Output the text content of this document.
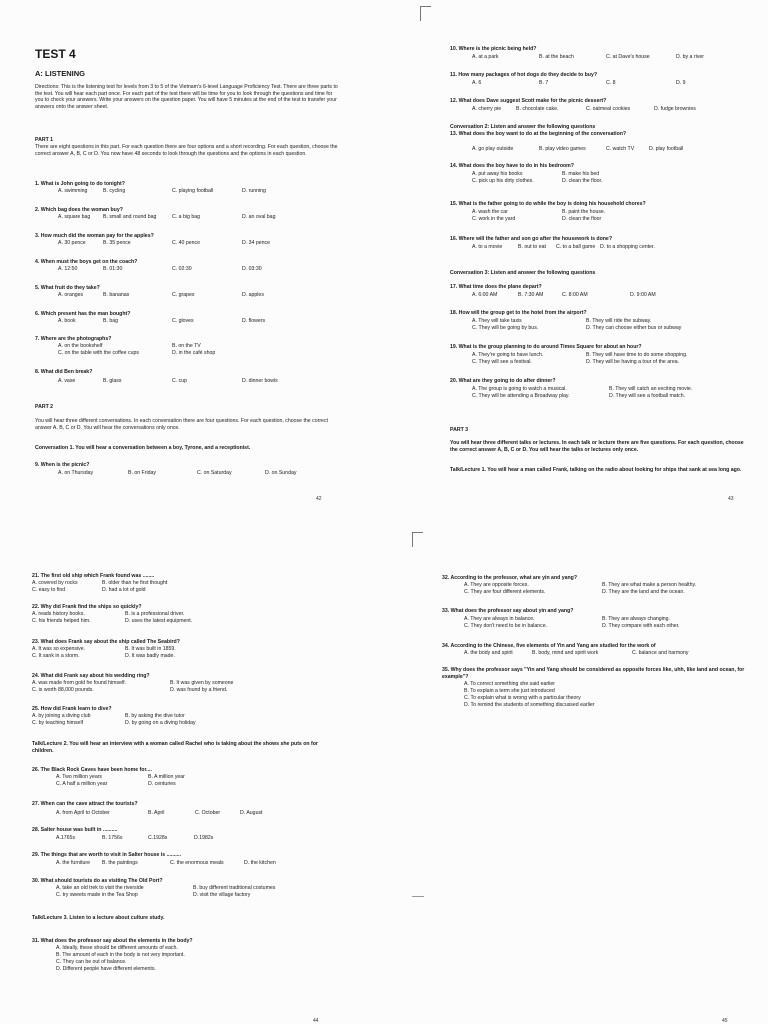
TEST 4
A: LISTENING
Directions: This is the listening test for levels from 3 to 5 of the Vietnam's 6-level Language Proficiency Test. There are three parts to the test. You will hear each part once. For each part of the test there will be time for you to look through the questions and time for you to check your answers. Write your answers on the question paper. You will have 5 minutes at the end of the test to transfer your answers onto the answer sheet.
PART 1
There are eight questions in this part. For each question there are four options and a short recording. For each question, choose the correct answer A, B, C or D. You now have 48 seconds to look through the questions and the options in each question.
1. What is John going to do tonight?
A. swimming	B. cycling	C. playing football	D. running
2. Which bag does the woman buy?
A. square bag B. small and round bag	C. a big bag	D. an oval bag
3. How much did the woman pay for the apples?
A. 30 pence	B. 35 pence	C. 40 pence	D. 34 pence
4. When must the boys get on the coach?
A. 12:50	B. 01:30	C. 02:30	D. 03:30
5. What fruit do they take?
A. oranges	B. bananas	C. grapes	D. apples
6. Which present has the man bought?
A. book	B. bag	C. gloves	D. flowers
7. Where are the photographs?
A. on the bookshelf	B. on the TV
C. on the table with the coffee cups	D. in the café shop
8. What did Ben break?
A. vase	B. glass	C. cup	D. dinner bowls
PART 2
You will hear three different conversations. In each conversation there are four questions. For each question, choose the correct answer A, B, C or D. You will hear the conversations only once.
Conversation 1. You will hear a conversation between a boy, Tyrone, and a receptionist.
9. When is the picnic?
A. on Thursday	B. on Friday	C. on Saturday	D. on Sunday
42
10. Where is the picnic being held?
A. at a park	B. at the beach	C. at Dave's house	D. by a river
11. How many packages of hot dogs do they decide to buy?
A. 6	B. 7	C. 8	D. 9
12. What does Dave suggest Scott make for the picnic dessert?
A. cherry pie	B. chocolate cake.	C. oatmeal cookies	D. fudge brownies
Conversation 2: Listen and answer the following questions
13. What does the boy want to do at the beginning of the conversation?
A. go play outside	B. play video games	C. watch TV	D. play football
14. What does the boy have to do in his bedroom?
A. put away his books	B. make his bed
C. pick up his dirty clothes.	D. clean the floor.
15. What is the father going to do while the boy is doing his household chores?
A. wash the car	B. paint the house.
C. work in the yard	D. clean the floor
16. Where will the father and son go after the housework is done?
A. to a movie	B. out to eat C. to a ball game D. to a shopping center.
Conversation 3: Listen and answer the following questions
17. What time does the plane depart?
A. 6:00 AM	B. 7:30 AM	C. 8:00 AM	D. 9:00 AM
18. How will the group get to the hotel from the airport?
A. They will take taxis	B. They will ride the subway.
C. They will be going by bus.	D. They can choose either bus or subway
19. What is the group planning to do around Times Square for about an hour?
A. They're going to have lunch.	B. They will have time to do some shopping.
C. They will see a festival.	D. They will be having a tour of the area.
20. What are they going to do after dinner?
A. The group is going to watch a musical.	B. They will catch an exciting movie.
C. They will be attending a Broadway play.	D. They will see a football match.
PART 3
You will hear three different talks or lectures. In each talk or lecture there are five questions. For each question, choose the correct answer A, B, C or D. You will hear the talks or lectures only once.
Talk/Lecture 1. You will hear a man called Frank, talking on the radio about looking for ships that sank at sea long ago.
43
21. The first old ship which Frank found was ........
A. covered by rocks	B. older than he first thought
C. easy to find	D. had a lot of gold
22. Why did Frank find the ships so quickly?
A. reads history books.	B. is a professional driver.
C. his friends helped him.	D. uses the latest equipment.
23. What does Frank say about the ship called The Seabird?
A. It was so expensive.	B. It was built in 1859.
C. It sank in a storm.	D. It was badly made.
24. What did Frank say about his wedding ring?
A. was made from gold he found himself.	B. It was given by someone
C. is worth 88,000 pounds.	D. was found by a friend.
25. How did Frank learn to dive?
A. by joining a diving club	B. by asking the dive tutor
C. by teaching himself	D. by going on a diving holiday
Talk/Lecture 2. You will hear an interview with a woman called Rachel who is taking about the shows she puts on for children.
26. The Black Rock Caves have been home for....
A. Two million years	B. A million year
C. A half a million year	D. centuries
27. When can the cave attract the tourists?
A. from April to October	B. April	C. October	D. August
28. Salter house was built in ..........
A.1765s	B. 1756s	C.1928s	D.1982s
29. The things that are worth to visit in Salter house is ..........
A. the furniture B. the paintings	C. the enormous meals	D. the kitchen
30. What should tourists do as visiting The Old Port?
A. take an old trek to visit the riverside	B. buy different traditional costumes
C. try sweets made in the Tea Shop	D. visit the village factory
Talk/Lecture 3. Listen to a lecture about culture study.
31. What does the professor say about the elements in the body?
A. Ideally, these should be different amounts of each.
B. The amount of each in the body is not very important.
C. They can be out of balance.
D. Different people have different elements.
44
32. According to the professor, what are yin and yang?
A. They are opposite forces.	B. They are what make a person healthy.
C. They are four different elements.	D. They are the land and the ocean.
33. What does the professor say about yin and yang?
A. They are always in balance.	B. They are always changing.
C. They don't need to be in balance.	D. They compare with each other.
34. According to the Chinese, five elements of Yin and Yang are studied for the work of
A. the body and spirit	B. body, mind and spirit work	C. balance and harmony
35. Why does the professor says "Yin and Yang should be considered as opposite forces like, uhh, like land and ocean, for example"?
A. To correct something she said earlier
B. To explain a term she just introduced
C. To explain what is wrong with a particular theory
D. To remind the students of something discussed earlier
45
